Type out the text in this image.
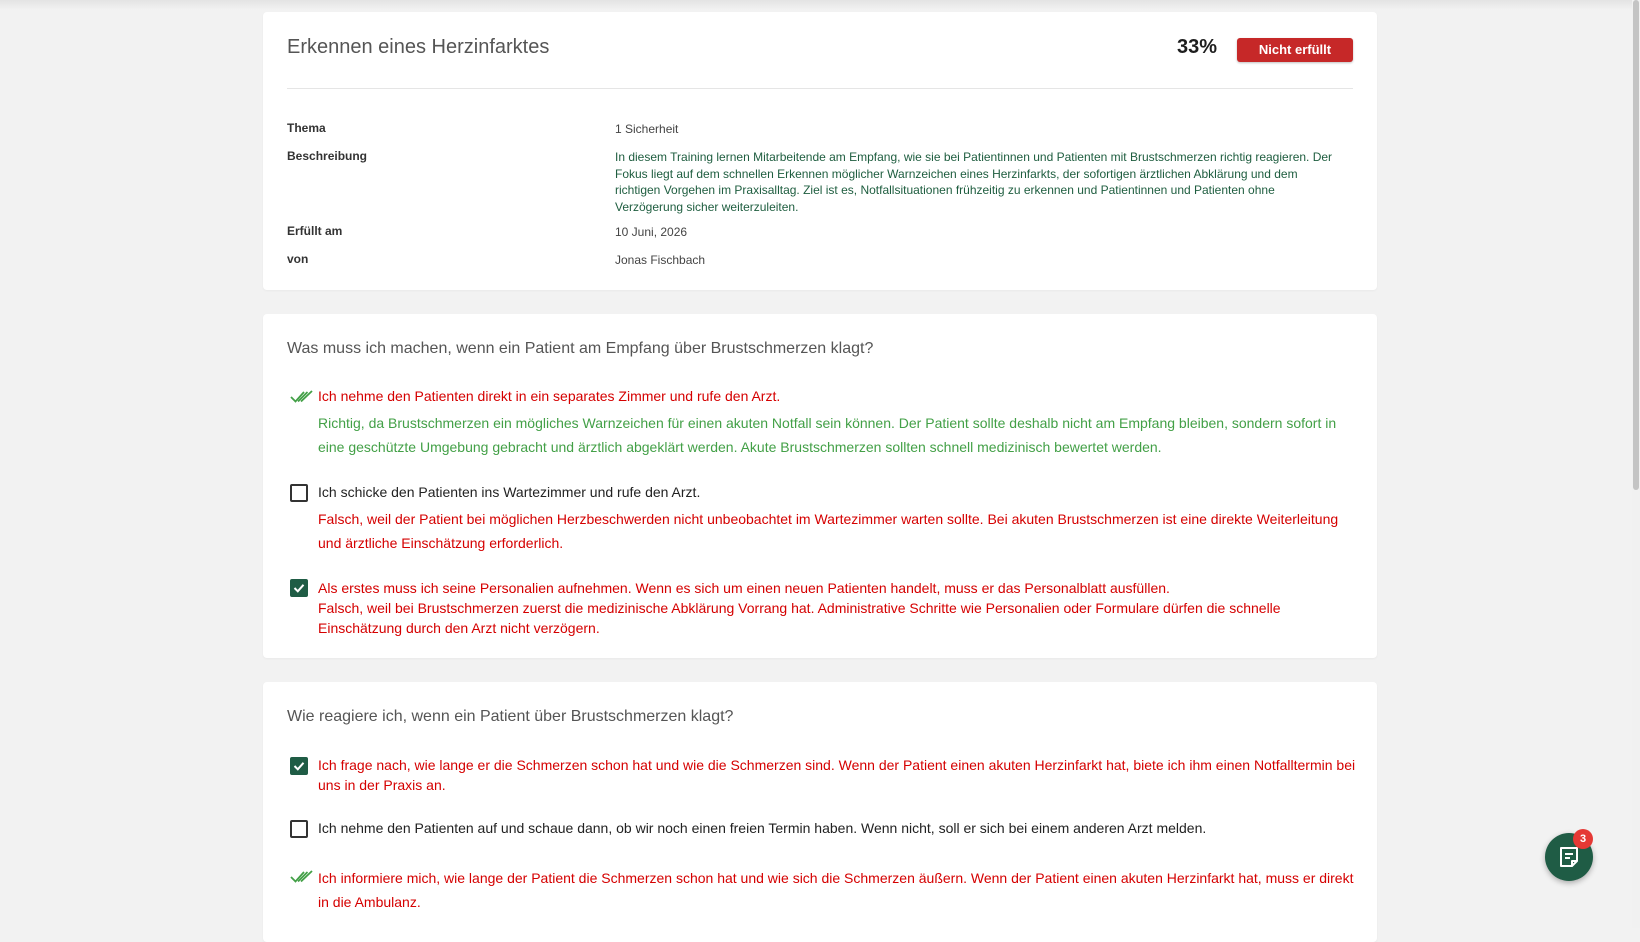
Erkennen eines Herzinfarktes	33%	Nicht erfüllt
Thema	1 Sicherheit
Beschreibung	In diesem Training lernen Mitarbeitende am Empfang, wie sie bei Patientinnen und Patienten mit Brustschmerzen richtig reagieren. Der Fokus liegt auf dem schnellen Erkennen möglicher Warnzeichen eines Herzinfarkts, der sofortigen ärztlichen Abklärung und dem richtigen Vorgehen im Praxisalltag. Ziel ist es, Notfallsituationen frühzeitig zu erkennen und Patientinnen und Patienten ohne Verzögerung sicher weiterzuleiten.
Erfüllt am	10 Juni, 2026
von	Jonas Fischbach
Was muss ich machen, wenn ein Patient am Empfang über Brustschmerzen klagt?
Ich nehme den Patienten direkt in ein separates Zimmer und rufe den Arzt.
Richtig, da Brustschmerzen ein mögliches Warnzeichen für einen akuten Notfall sein können. Der Patient sollte deshalb nicht am Empfang bleiben, sondern sofort in eine geschützte Umgebung gebracht und ärztlich abgeklärt werden. Akute Brustschmerzen sollten schnell medizinisch bewertet werden.
Ich schicke den Patienten ins Wartezimmer und rufe den Arzt.
Falsch, weil der Patient bei möglichen Herzbeschwerden nicht unbeobachtet im Wartezimmer warten sollte. Bei akuten Brustschmerzen ist eine direkte Weiterleitung und ärztliche Einschätzung erforderlich.
Als erstes muss ich seine Personalien aufnehmen. Wenn es sich um einen neuen Patienten handelt, muss er das Personalblatt ausfüllen.
Falsch, weil bei Brustschmerzen zuerst die medizinische Abklärung Vorrang hat. Administrative Schritte wie Personalien oder Formulare dürfen die schnelle Einschätzung durch den Arzt nicht verzögern.
Wie reagiere ich, wenn ein Patient über Brustschmerzen klagt?
Ich frage nach, wie lange er die Schmerzen schon hat und wie die Schmerzen sind. Wenn der Patient einen akuten Herzinfarkt hat, biete ich ihm einen Notfalltermin bei uns in der Praxis an.
Ich nehme den Patienten auf und schaue dann, ob wir noch einen freien Termin haben. Wenn nicht, soll er sich bei einem anderen Arzt melden.
Ich informiere mich, wie lange der Patient die Schmerzen schon hat und wie sich die Schmerzen äußern. Wenn der Patient einen akuten Herzinfarkt hat, muss er direkt in die Ambulanz.
3
